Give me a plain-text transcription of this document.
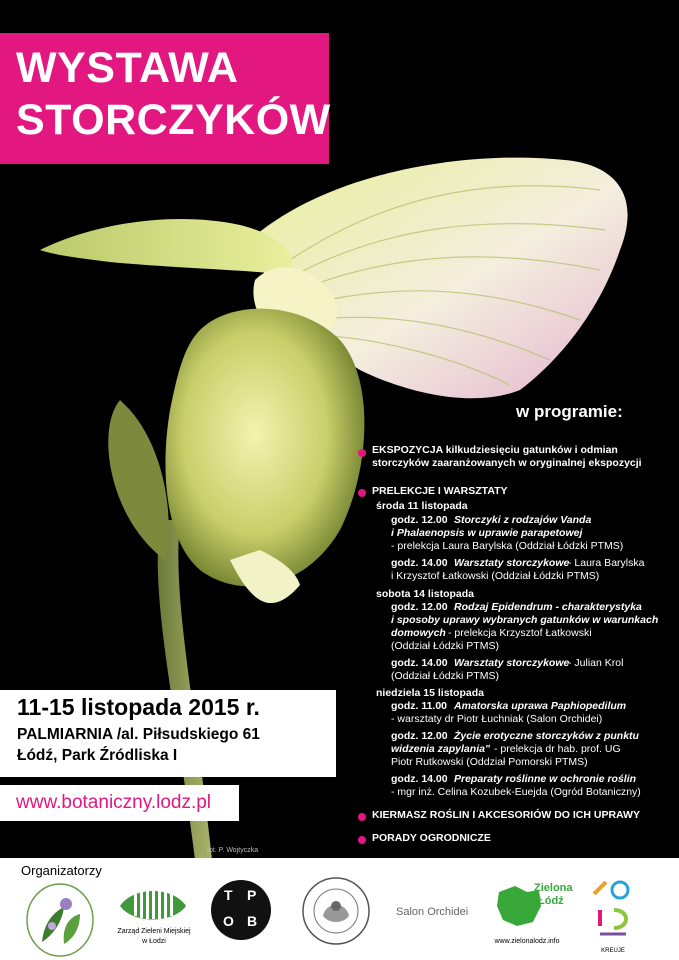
WYSTAWA
STORCZYKÓW
w programie:
EKSPOZYCJA kilkudziesięciu gatunków i odmian
storczyków zaaranżowanych w oryginalnej ekspozycji
PRELEKCJE I WARSZTATY
środa 11 listopada
godz. 12.00 Storczyki z rodzajów Vanda
i Phalaenopsis w uprawie parapetowej
- prelekcja Laura Barylska (Oddział Łódzki PTMS)
godz. 14.00 Warsztaty storczykowe
- Laura Barylska
i Krzysztof Łatkowski (Oddział Łódzki PTMS)
sobota 14 listopada
godz. 12.00 Rodzaj Epidendrum - charakterystyka
i sposoby uprawy wybranych gatunków w warunkach
domowych - prelekcja Krzysztof Łatkowski
(Oddział Łódzki PTMS)
godz. 14.00 Warsztaty storczykowe
- Julian Krol
(Oddział Łódzki PTMS)
niedziela 15 listopada
godz. 11.00 Amatorska uprawa Paphiopedilum
- warsztaty dr Piotr Łuchniak (Salon Orchidei)
godz. 12.00 Życie erotyczne storczyków z punktu
widzenia zapylania" - prelekcja dr hab. prof. UG
Piotr Rutkowski (Oddział Pomorski PTMS)
godz. 14.00 Preparaty roślinne w ochronie roślin
- mgr inż. Celina Kozubek-Euejda (Ogród Botaniczny)
KIERMASZ ROŚLIN I AKCESORIÓW DO ICH UPRAWY
PORADY OGRODNICZE
11-15 listopada 2015 r.
PALMIARNIA /al. Piłsudskiego 61
Łódź, Park Źródliska I
www.botaniczny.lodz.pl
fot. P. Wojtyczka
Organizatorzy
Zarząd Zieleni Miejskiej
w Łodzi
T P
O B
Salon Orchidei
Zielona
Łódź
www.zielonalodz.info
KREUJE
